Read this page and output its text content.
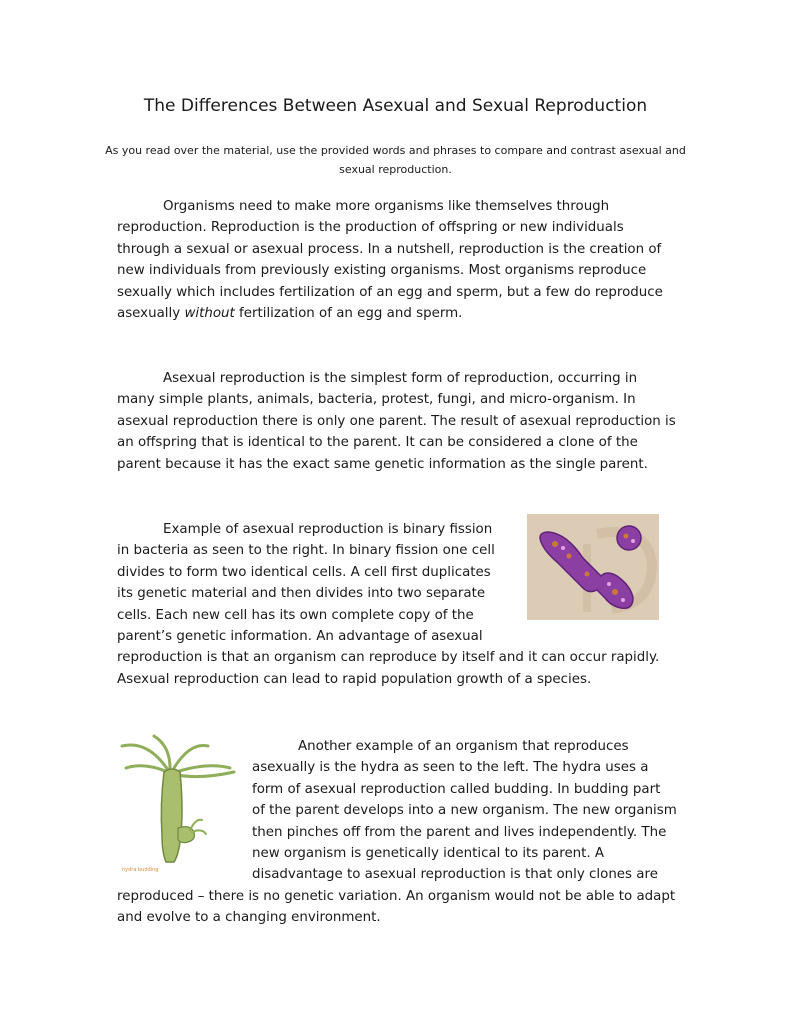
The Differences Between Asexual and Sexual Reproduction
As you read over the material, use the provided words and phrases to compare and contrast asexual and sexual reproduction.

Organisms need to make more organisms like themselves through reproduction. Reproduction is the production of offspring or new individuals through a sexual or asexual process. In a nutshell, reproduction is the creation of new individuals from previously existing organisms. Most organisms reproduce sexually which includes fertilization of an egg and sperm, but a few do reproduce asexually without fertilization of an egg and sperm.

Asexual reproduction is the simplest form of reproduction, occurring in many simple plants, animals, bacteria, protest, fungi, and micro-organism. In asexual reproduction there is only one parent. The result of asexual reproduction is an offspring that is identical to the parent. It can be considered a clone of the parent because it has the exact same genetic information as the single parent.

Example of asexual reproduction is binary fission in bacteria as seen to the right. In binary fission one cell divides to form two identical cells. A cell first duplicates its genetic material and then divides into two separate cells. Each new cell has its own complete copy of the parent’s genetic information. An advantage of asexual reproduction is that an organism can reproduce by itself and it can occur rapidly. Asexual reproduction can lead to rapid population growth of a species.

Another example of an organism that reproduces asexually is the hydra as seen to the left. The hydra uses a form of asexual reproduction called budding. In budding part of the parent develops into a new organism. The new organism then pinches off from the parent and lives independently. The new organism is genetically identical to its parent. A disadvantage to asexual reproduction is that only clones are reproduced – there is no genetic variation. An organism would not be able to adapt and evolve to a changing environment.

hydra budding
